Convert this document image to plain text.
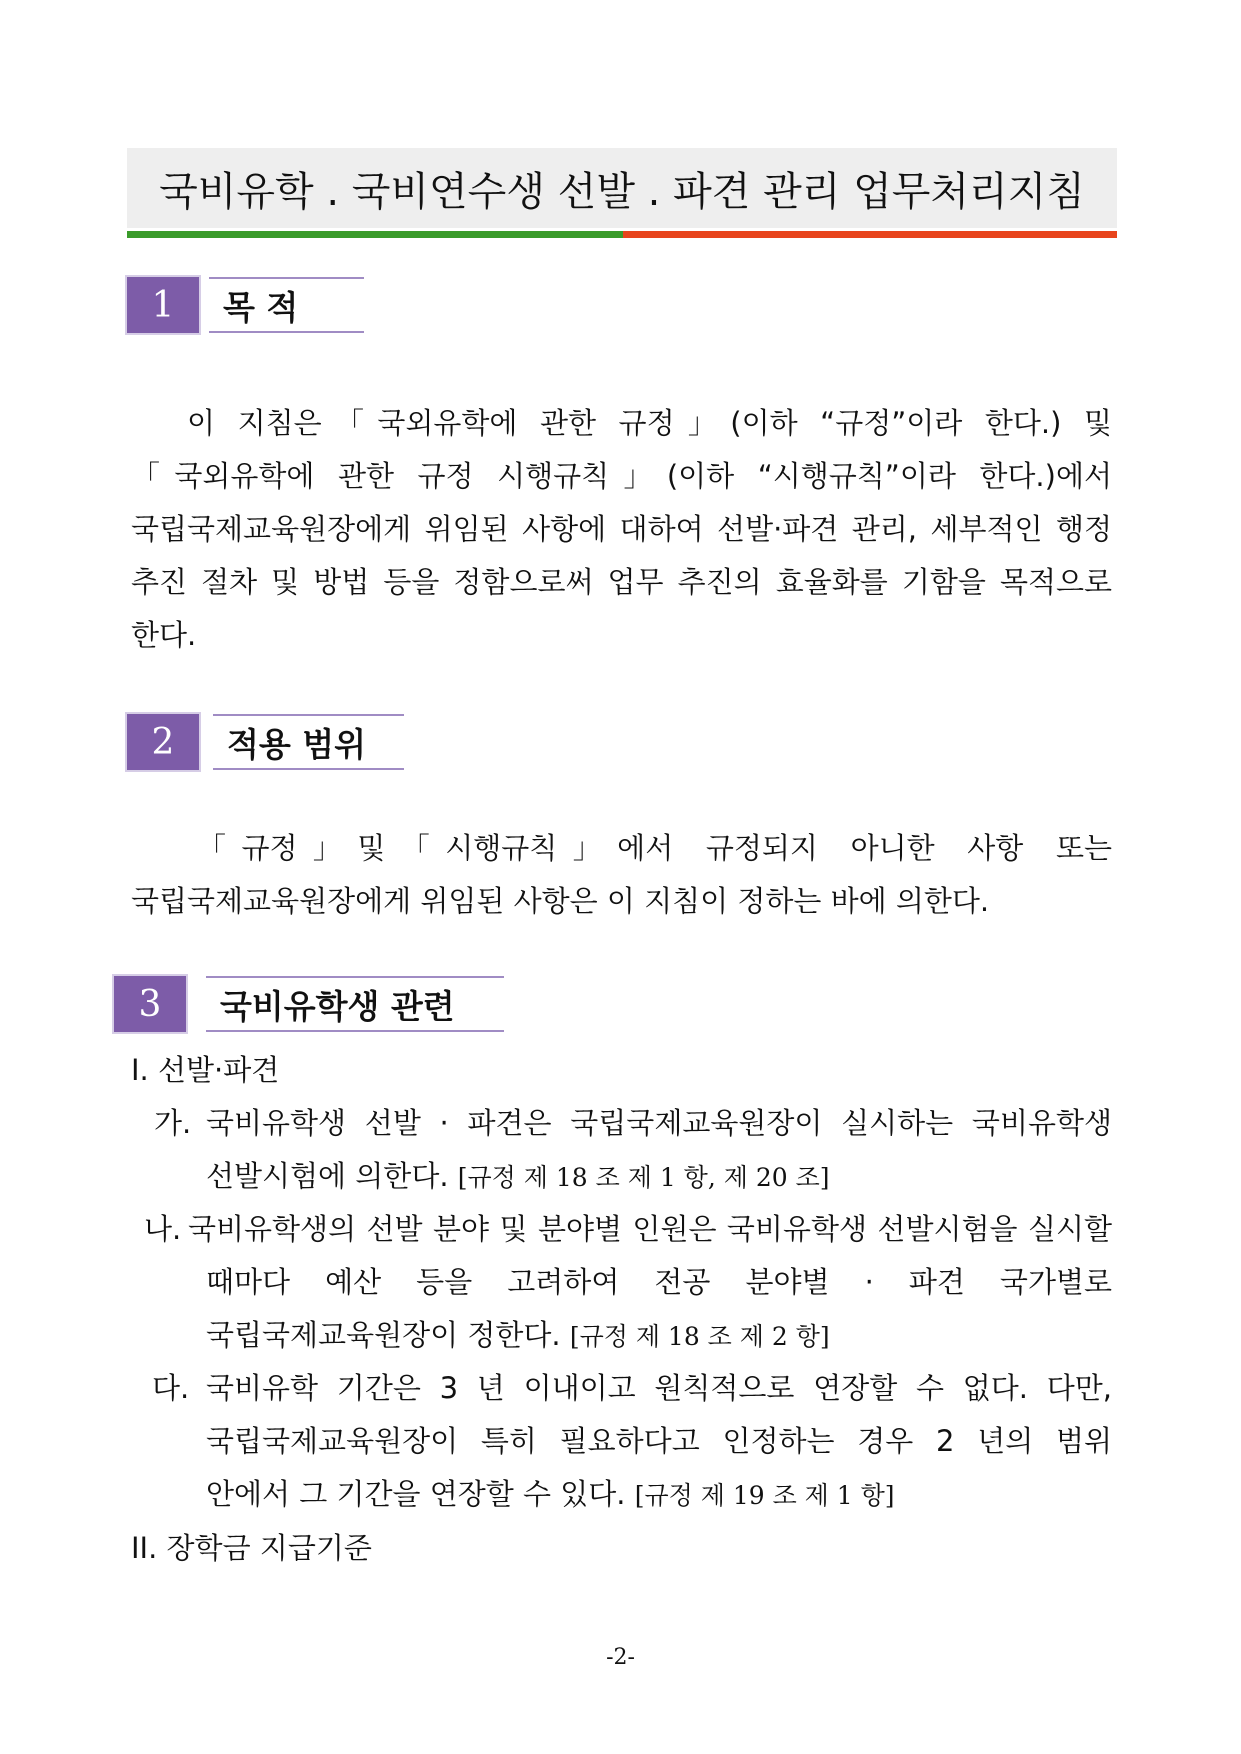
국비유학 . 국비연수생 선발 . 파견 관리 업무처리지침
1	목 적
이 지침은「국외유학에 관한 규정」(이하 “규정”이라 한다.) 및
「국외유학에 관한 규정 시행규칙」(이하 “시행규칙”이라 한다.)에서
국립국제교육원장에게 위임된 사항에 대하여 선발·파견 관리, 세부적인 행정
추진 절차 및 방법 등을 정함으로써 업무 추진의 효율화를 기함을 목적으로
한다.
2	적용 범위
「규정」및「시행규칙」에서 규정되지 아니한 사항 또는
국립국제교육원장에게 위임된 사항은 이 지침이 정하는 바에 의한다.
3	국비유학생 관련
I. 선발·파견
가. 국비유학생 선발 · 파견은 국립국제교육원장이 실시하는 국비유학생
선발시험에 의한다. [규정 제 18 조 제 1 항, 제 20 조]
나. 국비유학생의 선발 분야 및 분야별 인원은 국비유학생 선발시험을 실시할
때마다 예산 등을 고려하여 전공 분야별 · 파견 국가별로
국립국제교육원장이 정한다. [규정 제 18 조 제 2 항]
다. 국비유학 기간은 3 년 이내이고 원칙적으로 연장할 수 없다. 다만,
국립국제교육원장이 특히 필요하다고 인정하는 경우 2 년의 범위
안에서 그 기간을 연장할 수 있다. [규정 제 19 조 제 1 항]
II. 장학금 지급기준
-2-
